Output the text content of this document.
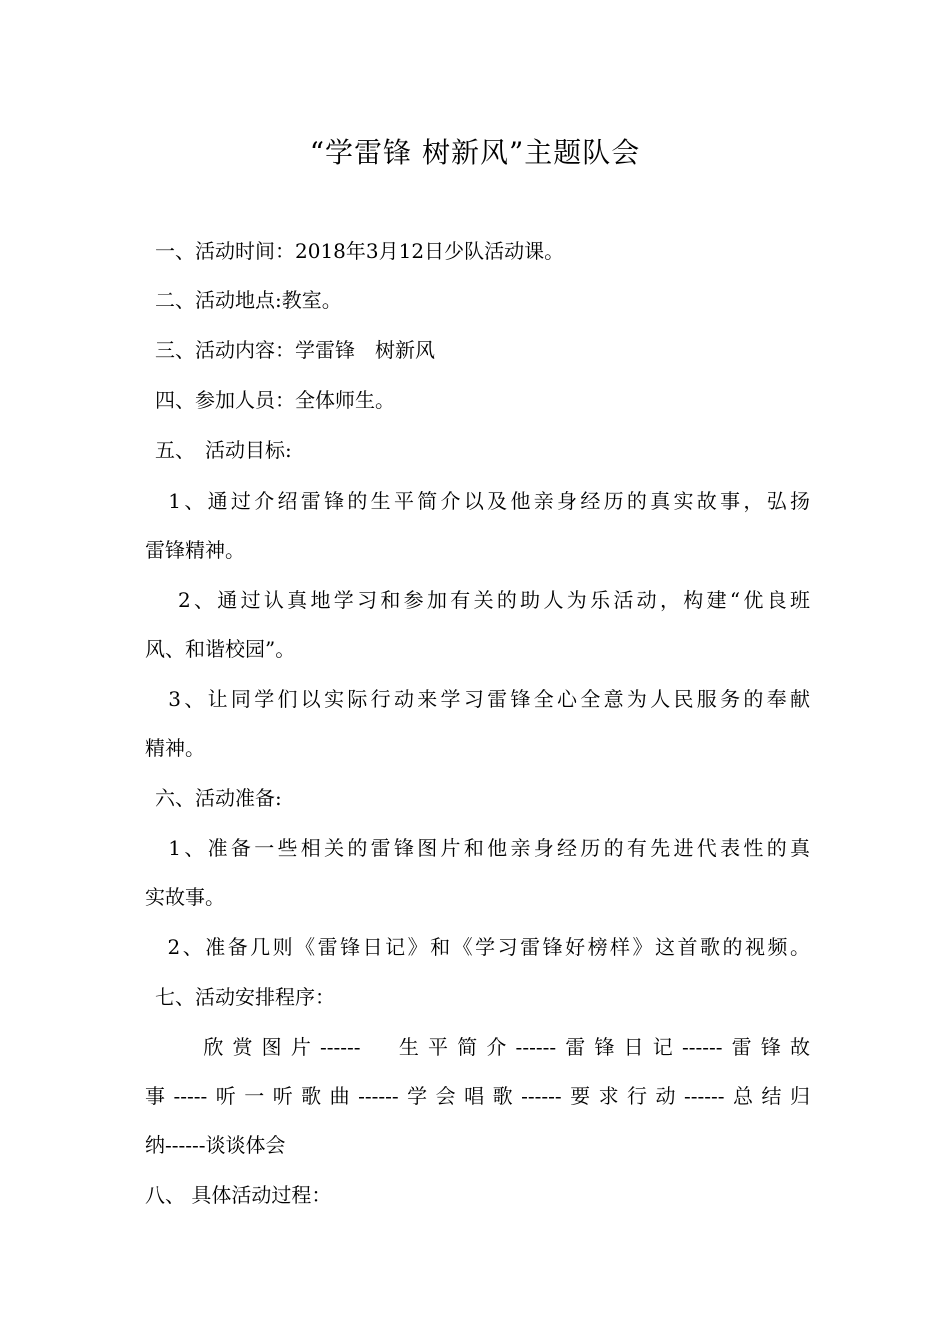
“学雷锋 树新风”主题队会
一、活动时间：2018年3月12日少队活动课。
二、活动地点:教室。
三、活动内容：学雷锋　树新风
四、参加人员：全体师生。
五、　活动目标:
　1、通过介绍雷锋的生平简介以及他亲身经历的真实故事，弘扬
雷锋精神。
　 2、通过认真地学习和参加有关的助人为乐活动，构建“优良班
风、和谐校园”。
　3、让同学们以实际行动来学习雷锋全心全意为人民服务的奉献
精神。
六、活动准备:
　1、准备一些相关的雷锋图片和他亲身经历的有先进代表性的真
实故事。
　2、准备几则《雷锋日记》和《学习雷锋好榜样》这首歌的视频。
七、活动安排程序：
　　欣赏图片------　生平简介------雷锋日记------雷锋故
事-----听一听歌曲------学会唱歌------要求行动------总结归
纳------谈谈体会
八、 具体活动过程：
